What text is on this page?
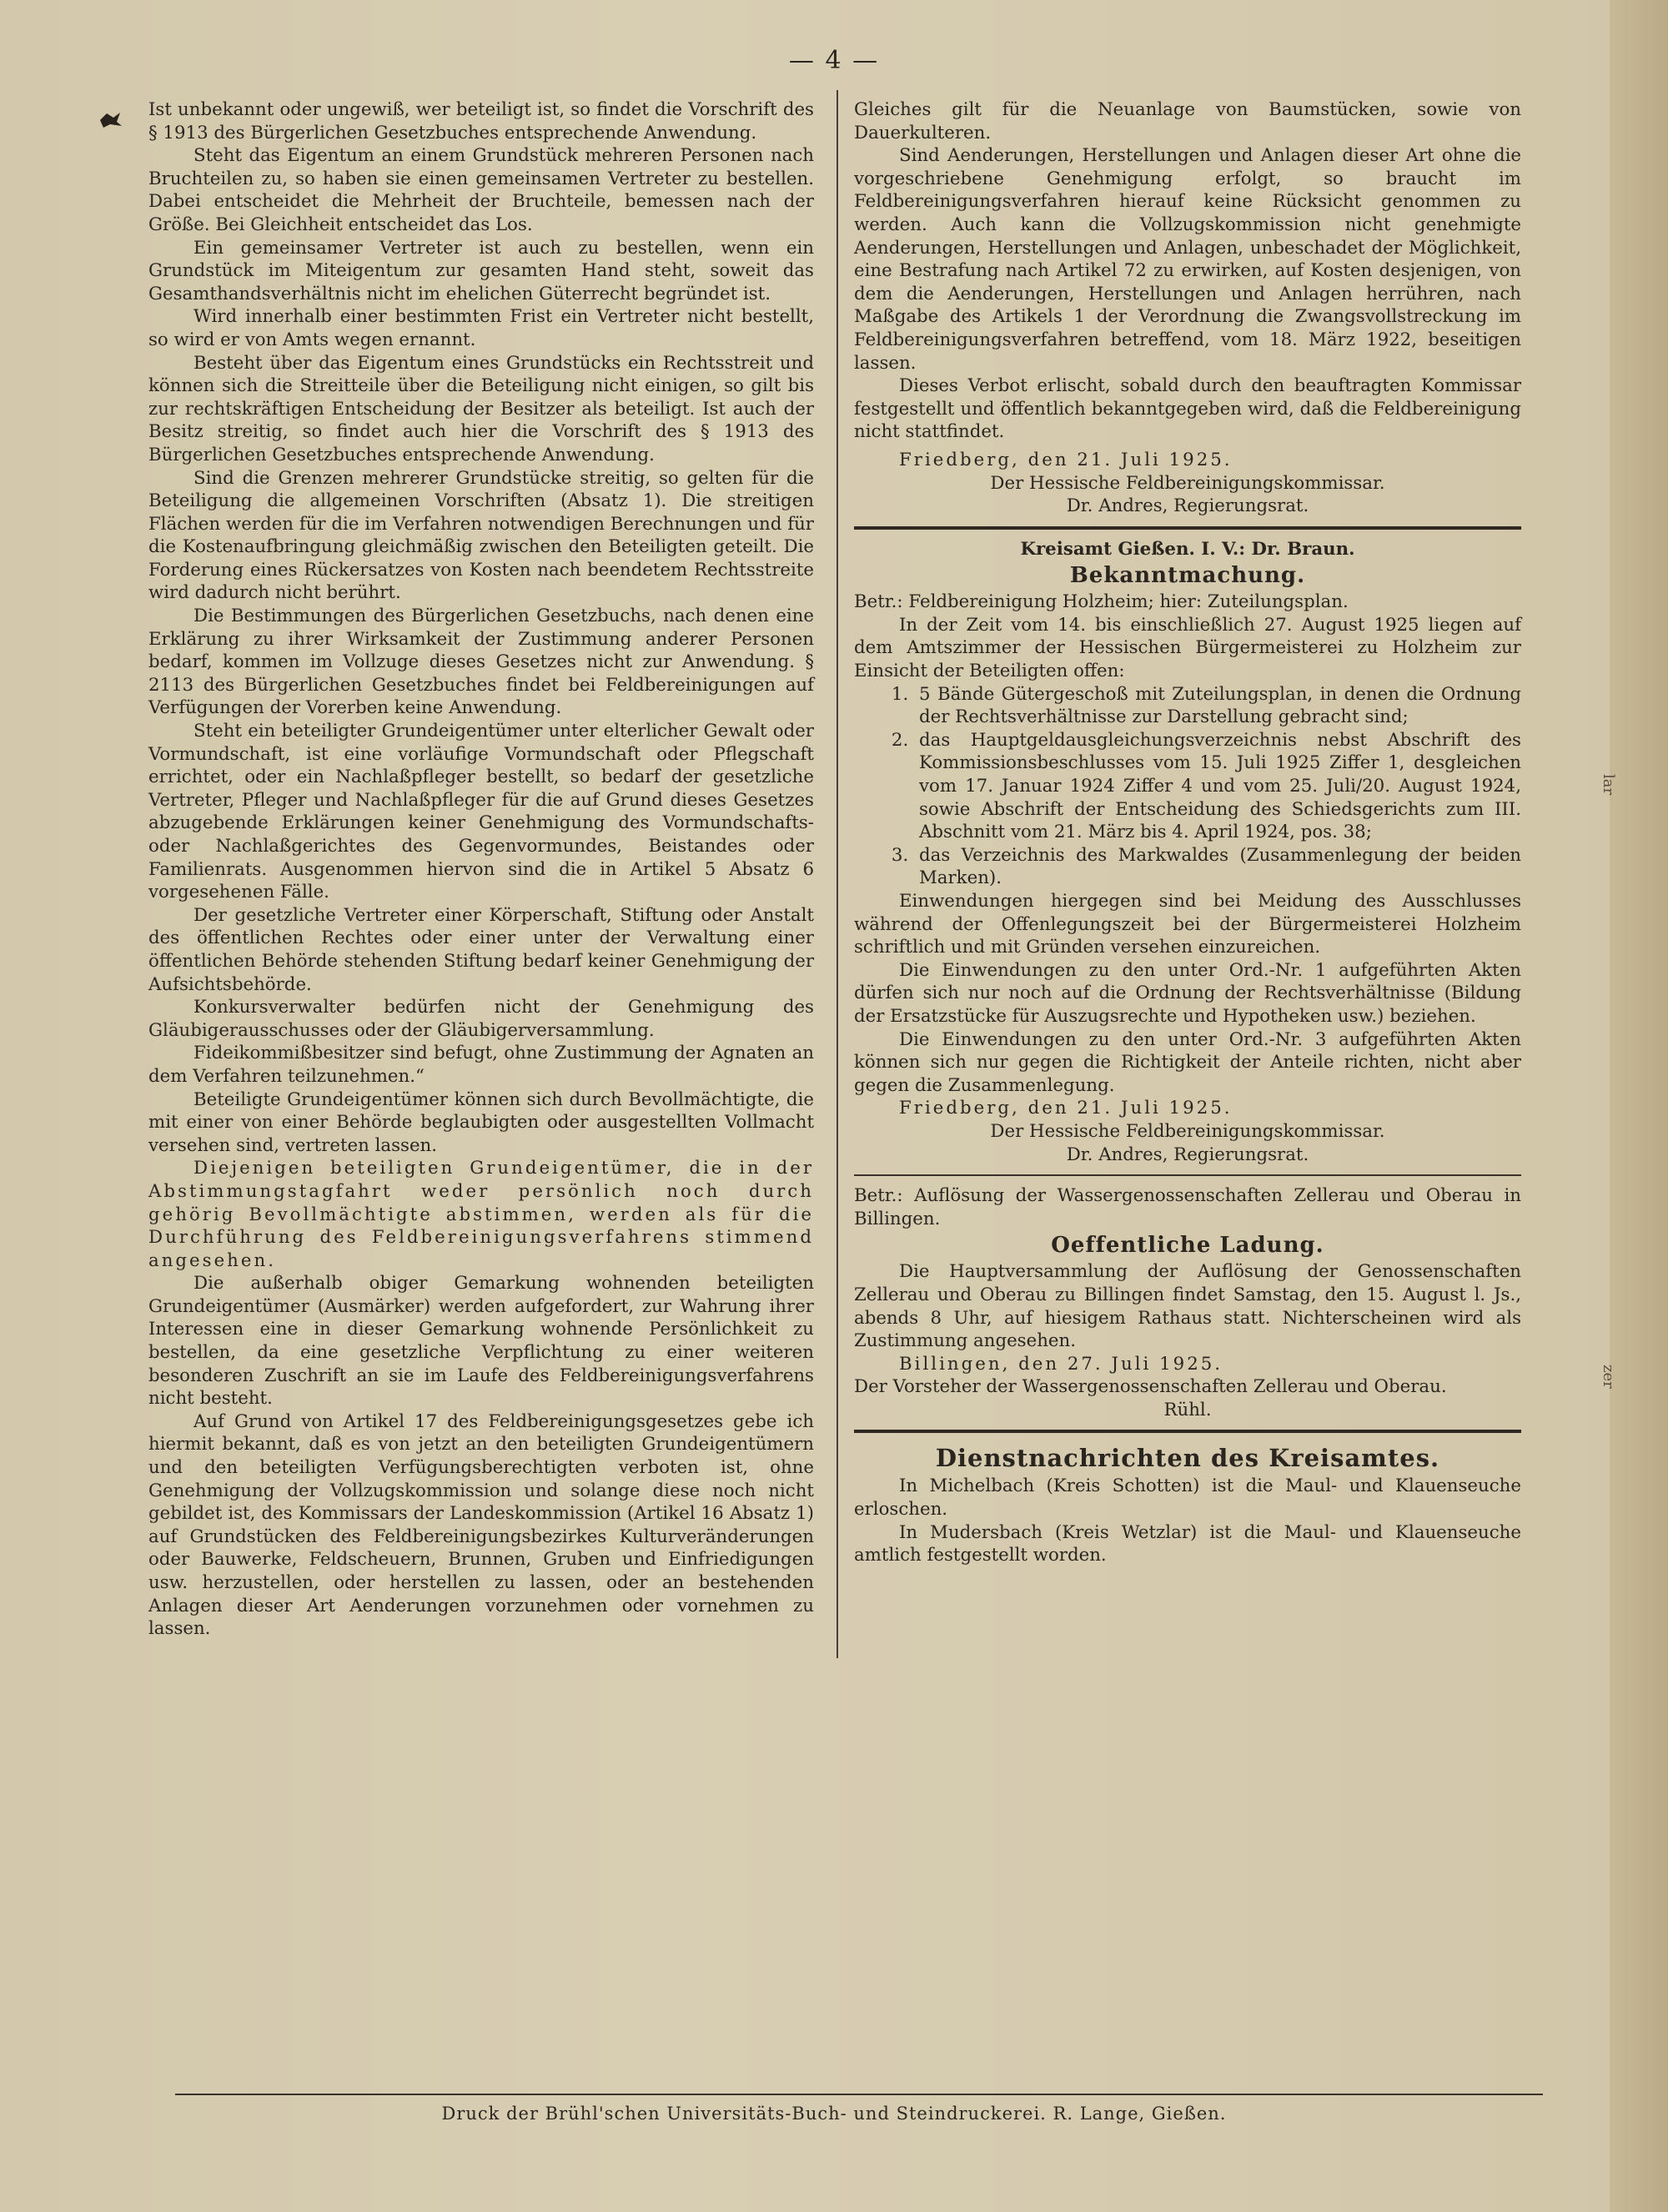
— 4 —

Ist unbekannt oder ungewiß, wer beteiligt ist, so findet die Vorschrift des § 1913 des Bürgerlichen Gesetzbuches entsprechende Anwendung.

Steht das Eigentum an einem Grundstück mehreren Personen nach Bruchteilen zu, so haben sie einen gemeinsamen Vertreter zu bestellen. Dabei entscheidet die Mehrheit der Bruchteile, bemessen nach der Größe. Bei Gleichheit entscheidet das Los.

Ein gemeinsamer Vertreter ist auch zu bestellen, wenn ein Grundstück im Miteigentum zur gesamten Hand steht, soweit das Gesamthandsverhältnis nicht im ehelichen Güterrecht begründet ist.

Wird innerhalb einer bestimmten Frist ein Vertreter nicht bestellt, so wird er von Amts wegen ernannt.

Besteht über das Eigentum eines Grundstücks ein Rechtsstreit und können sich die Streitteile über die Beteiligung nicht einigen, so gilt bis zur rechtskräftigen Entscheidung der Besitzer als beteiligt. Ist auch der Besitz streitig, so findet auch hier die Vorschrift des § 1913 des Bürgerlichen Gesetzbuches entsprechende Anwendung.

Sind die Grenzen mehrerer Grundstücke streitig, so gelten für die Beteiligung die allgemeinen Vorschriften (Absatz 1). Die streitigen Flächen werden für die im Verfahren notwendigen Berechnungen und für die Kostenaufbringung gleichmäßig zwischen den Beteiligten geteilt. Die Forderung eines Rückersatzes von Kosten nach beendetem Rechtsstreite wird dadurch nicht berührt.

Die Bestimmungen des Bürgerlichen Gesetzbuchs, nach denen eine Erklärung zu ihrer Wirksamkeit der Zustimmung anderer Personen bedarf, kommen im Vollzuge dieses Gesetzes nicht zur Anwendung. § 2113 des Bürgerlichen Gesetzbuches findet bei Feldbereinigungen auf Verfügungen der Vorerben keine Anwendung.

Steht ein beteiligter Grundeigentümer unter elterlicher Gewalt oder Vormundschaft, ist eine vorläufige Vormundschaft oder Pflegschaft errichtet, oder ein Nachlaßpfleger bestellt, so bedarf der gesetzliche Vertreter, Pfleger und Nachlaßpfleger für die auf Grund dieses Gesetzes abzugebende Erklärungen keiner Genehmigung des Vormundschafts- oder Nachlaßgerichtes des Gegenvormundes, Beistandes oder Familienrats. Ausgenommen hiervon sind die in Artikel 5 Absatz 6 vorgesehenen Fälle.

Der gesetzliche Vertreter einer Körperschaft, Stiftung oder Anstalt des öffentlichen Rechtes oder einer unter der Verwaltung einer öffentlichen Behörde stehenden Stiftung bedarf keiner Genehmigung der Aufsichtsbehörde.

Konkursverwalter bedürfen nicht der Genehmigung des Gläubigerausschusses oder der Gläubigerversammlung.

Fideikommißbesitzer sind befugt, ohne Zustimmung der Agnaten an dem Verfahren teilzunehmen.“

Beteiligte Grundeigentümer können sich durch Bevollmächtigte, die mit einer von einer Behörde beglaubigten oder ausgestellten Vollmacht versehen sind, vertreten lassen.

Diejenigen beteiligten Grundeigentümer, die in der Abstimmungstagfahrt weder persönlich noch durch gehörig Bevollmächtigte abstimmen, werden als für die Durchführung des Feldbereinigungsverfahrens stimmend angesehen.

Die außerhalb obiger Gemarkung wohnenden beteiligten Grundeigentümer (Ausmärker) werden aufgefordert, zur Wahrung ihrer Interessen eine in dieser Gemarkung wohnende Persönlichkeit zu bestellen, da eine gesetzliche Verpflichtung zu einer weiteren besonderen Zuschrift an sie im Laufe des Feldbereinigungsverfahrens nicht besteht.

Auf Grund von Artikel 17 des Feldbereinigungsgesetzes gebe ich hiermit bekannt, daß es von jetzt an den beteiligten Grundeigentümern und den beteiligten Verfügungsberechtigten verboten ist, ohne Genehmigung der Vollzugskommission und solange diese noch nicht gebildet ist, des Kommissars der Landeskommission (Artikel 16 Absatz 1) auf Grundstücken des Feldbereinigungsbezirkes Kulturveränderungen oder Bauwerke, Feldscheuern, Brunnen, Gruben und Einfriedigungen usw. herzustellen, oder herstellen zu lassen, oder an bestehenden Anlagen dieser Art Aenderungen vorzunehmen oder vornehmen zu lassen.

Gleiches gilt für die Neuanlage von Baumstücken, sowie von Dauerkulteren.

Sind Aenderungen, Herstellungen und Anlagen dieser Art ohne die vorgeschriebene Genehmigung erfolgt, so braucht im Feldbereinigungsverfahren hierauf keine Rücksicht genommen zu werden. Auch kann die Vollzugskommission nicht genehmigte Aenderungen, Herstellungen und Anlagen, unbeschadet der Möglichkeit, eine Bestrafung nach Artikel 72 zu erwirken, auf Kosten desjenigen, von dem die Aenderungen, Herstellungen und Anlagen herrühren, nach Maßgabe des Artikels 1 der Verordnung die Zwangsvollstreckung im Feldbereinigungsverfahren betreffend, vom 18. März 1922, beseitigen lassen.

Dieses Verbot erlischt, sobald durch den beauftragten Kommissar festgestellt und öffentlich bekanntgegeben wird, daß die Feldbereinigung nicht stattfindet.

Friedberg, den 21. Juli 1925.

Der Hessische Feldbereinigungskommissar.

Dr. Andres, Regierungsrat.

Kreisamt Gießen. I. V.: Dr. Braun.

Bekanntmachung.

Betr.: Feldbereinigung Holzheim; hier: Zuteilungsplan.

In der Zeit vom 14. bis einschließlich 27. August 1925 liegen auf dem Amtszimmer der Hessischen Bürgermeisterei zu Holzheim zur Einsicht der Beteiligten offen:

1. 5 Bände Gütergeschoß mit Zuteilungsplan, in denen die Ordnung der Rechtsverhältnisse zur Darstellung gebracht sind;
2. das Hauptgeldausgleichungsverzeichnis nebst Abschrift des Kommissionsbeschlusses vom 15. Juli 1925 Ziffer 1, desgleichen vom 17. Januar 1924 Ziffer 4 und vom 25. Juli/20. August 1924, sowie Abschrift der Entscheidung des Schiedsgerichts zum III. Abschnitt vom 21. März bis 4. April 1924, pos. 38;
3. das Verzeichnis des Markwaldes (Zusammenlegung der beiden Marken).

Einwendungen hiergegen sind bei Meidung des Ausschlusses während der Offenlegungszeit bei der Bürgermeisterei Holzheim schriftlich und mit Gründen versehen einzureichen.

Die Einwendungen zu den unter Ord.-Nr. 1 aufgeführten Akten dürfen sich nur noch auf die Ordnung der Rechtsverhältnisse (Bildung der Ersatzstücke für Auszugsrechte und Hypotheken usw.) beziehen.

Die Einwendungen zu den unter Ord.-Nr. 3 aufgeführten Akten können sich nur gegen die Richtigkeit der Anteile richten, nicht aber gegen die Zusammenlegung.

Friedberg, den 21. Juli 1925.

Der Hessische Feldbereinigungskommissar.

Dr. Andres, Regierungsrat.

Betr.: Auflösung der Wassergenossenschaften Zellerau und Oberau in Billingen.

Oeffentliche Ladung.

Die Hauptversammlung der Auflösung der Genossenschaften Zellerau und Oberau zu Billingen findet Samstag, den 15. August l. Js., abends 8 Uhr, auf hiesigem Rathaus statt. Nichterscheinen wird als Zustimmung angesehen.

Billingen, den 27. Juli 1925.

Der Vorsteher der Wassergenossenschaften Zellerau und Oberau.

Rühl.

Dienstnachrichten des Kreisamtes.

In Michelbach (Kreis Schotten) ist die Maul- und Klauenseuche erloschen.

In Mudersbach (Kreis Wetzlar) ist die Maul- und Klauenseuche amtlich festgestellt worden.

lar
zer
Druck der Brühl'schen Universitäts-Buch- und Steindruckerei. R. Lange, Gießen.
